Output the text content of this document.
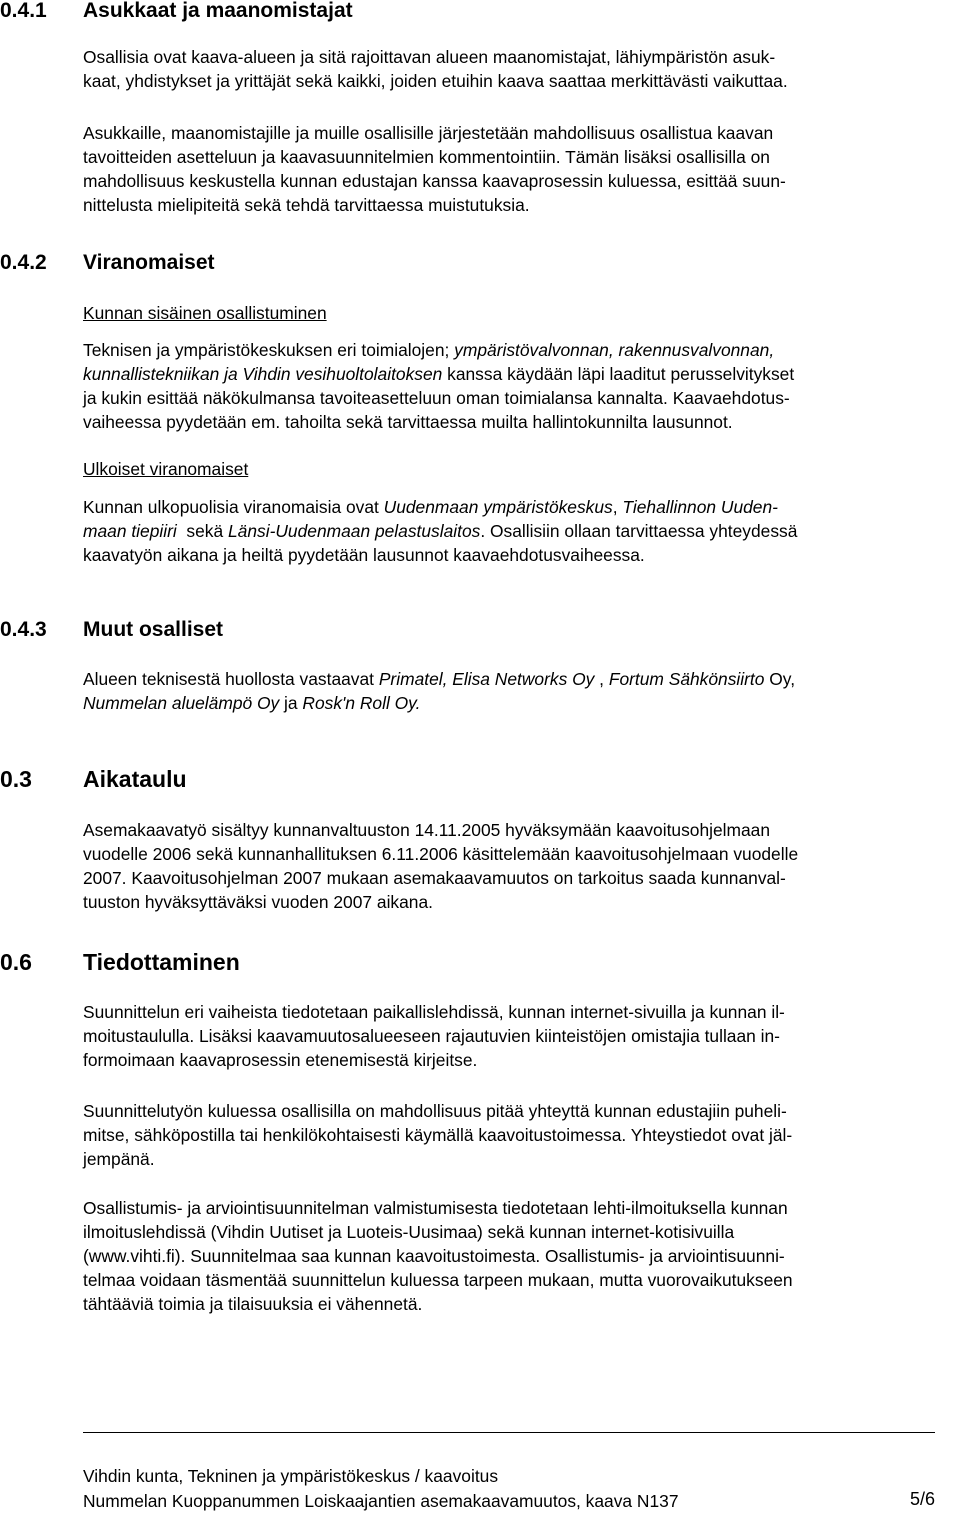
0.4.1 Asukkaat ja maanomistajat
Osallisia ovat kaava-alueen ja sitä rajoittavan alueen maanomistajat, lähiympäristön asuk-
kaat, yhdistykset ja yrittäjät sekä kaikki, joiden etuihin kaava saattaa merkittävästi vaikuttaa.
Asukkaille, maanomistajille ja muille osallisille järjestetään mahdollisuus osallistua kaavan
tavoitteiden asetteluun ja kaavasuunnitelmien kommentointiin. Tämän lisäksi osallisilla on
mahdollisuus keskustella kunnan edustajan kanssa kaavaprosessin kuluessa, esittää suun-
nittelusta mielipiteitä sekä tehdä tarvittaessa muistutuksia.
0.4.2 Viranomaiset
Kunnan sisäinen osallistuminen
Teknisen ja ympäristökeskuksen eri toimialojen; ympäristövalvonnan, rakennusvalvonnan,
kunnallistekniikan ja Vihdin vesihuoltolaitoksen kanssa käydään läpi laaditut perusselvitykset
ja kukin esittää näkökulmansa tavoiteasetteluun oman toimialansa kannalta. Kaavaehdotus-
vaiheessa pyydetään em. tahoilta sekä tarvittaessa muilta hallintokunnilta lausunnot.
Ulkoiset viranomaiset
Kunnan ulkopuolisia viranomaisia ovat Uudenmaan ympäristökeskus, Tiehallinnon Uuden-
maan tiepiiri  sekä Länsi-Uudenmaan pelastuslaitos. Osallisiin ollaan tarvittaessa yhteydessä
kaavatyön aikana ja heiltä pyydetään lausunnot kaavaehdotusvaiheessa.
0.4.3 Muut osalliset
Alueen teknisestä huollosta vastaavat Primatel, Elisa Networks Oy , Fortum Sähkönsiirto Oy,
Nummelan aluelämpö Oy ja Rosk'n Roll Oy.
0.3 Aikataulu
Asemakaavatyö sisältyy kunnanvaltuuston 14.11.2005 hyväksymään kaavoitusohjelmaan
vuodelle 2006 sekä kunnanhallituksen 6.11.2006 käsittelemään kaavoitusohjelmaan vuodelle
2007. Kaavoitusohjelman 2007 mukaan asemakaavamuutos on tarkoitus saada kunnanval-
tuuston hyväksyttäväksi vuoden 2007 aikana.
0.6 Tiedottaminen
Suunnittelun eri vaiheista tiedotetaan paikallislehdissä, kunnan internet-sivuilla ja kunnan il-
moitustaululla. Lisäksi kaavamuutosalueeseen rajautuvien kiinteistöjen omistajia tullaan in-
formoimaan kaavaprosessin etenemisestä kirjeitse.
Suunnittelutyön kuluessa osallisilla on mahdollisuus pitää yhteyttä kunnan edustajiin puheli-
mitse, sähköpostilla tai henkilökohtaisesti käymällä kaavoitustoimessa. Yhteystiedot ovat jäl-
jempänä.
Osallistumis- ja arviointisuunnitelman valmistumisesta tiedotetaan lehti-ilmoituksella kunnan
ilmoituslehdissä (Vihdin Uutiset ja Luoteis-Uusimaa) sekä kunnan internet-kotisivuilla
(www.vihti.fi). Suunnitelmaa saa kunnan kaavoitustoimesta. Osallistumis- ja arviointisuunni-
telmaa voidaan täsmentää suunnittelun kuluessa tarpeen mukaan, mutta vuorovaikutukseen
tähtääviä toimia ja tilaisuuksia ei vähennetä.
Vihdin kunta, Tekninen ja ympäristökeskus / kaavoitus
Nummelan Kuoppanummen Loiskaajantien asemakaavamuutos, kaava N137	5/6
